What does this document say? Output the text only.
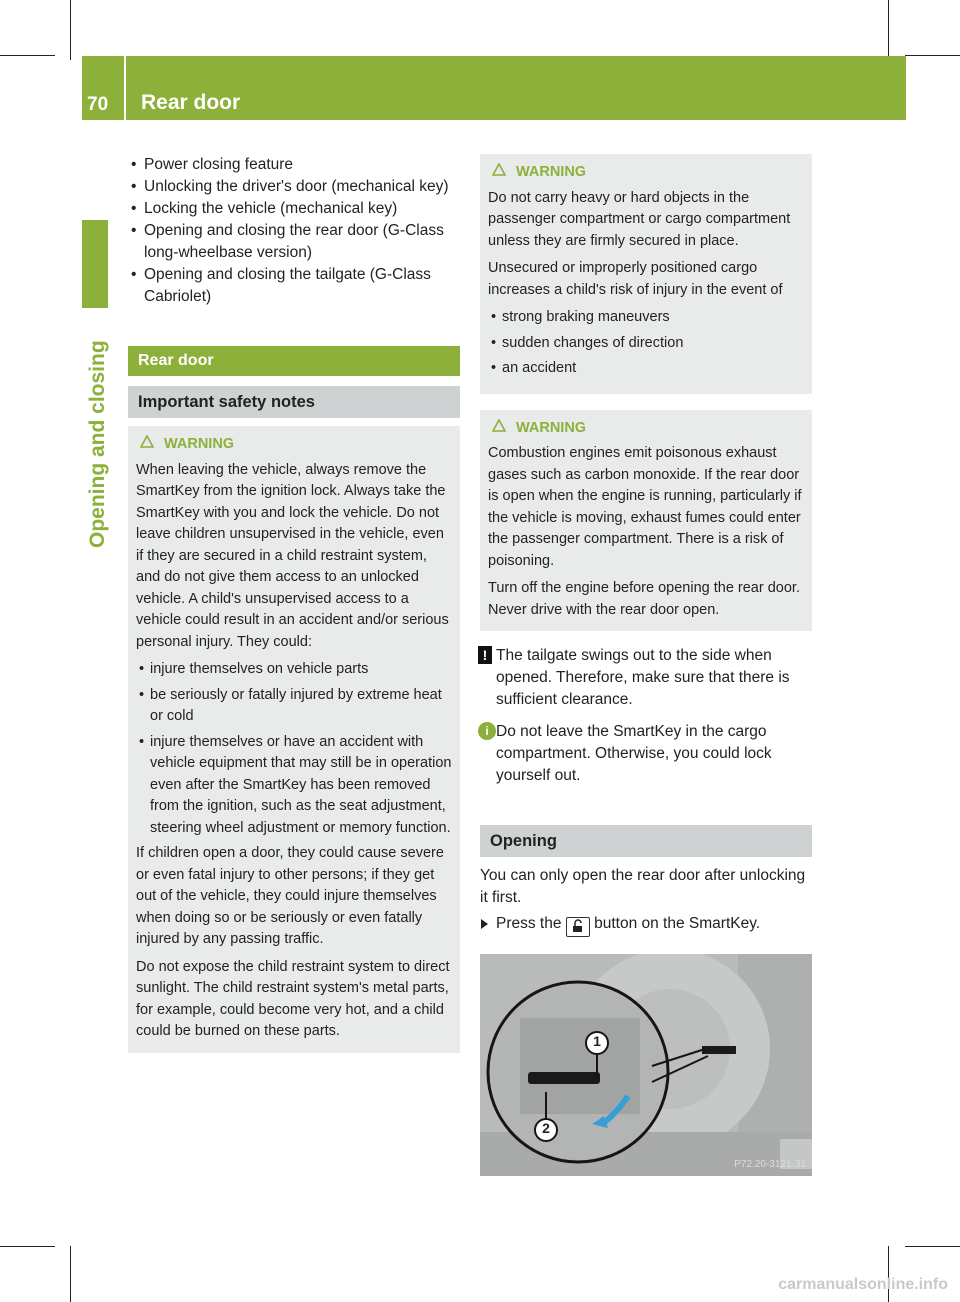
70 Rear door
Opening and closing
• Power closing feature
• Unlocking the driver's door (mechanical key)
• Locking the vehicle (mechanical key)
• Opening and closing the rear door (G-Class long-wheelbase version)
• Opening and closing the tailgate (G-Class Cabriolet)
Rear door
Important safety notes
WARNING

When leaving the vehicle, always remove the SmartKey from the ignition lock. Always take the SmartKey with you and lock the vehicle. Do not leave children unsupervised in the vehicle, even if they are secured in a child restraint system, and do not give them access to an unlocked vehicle. A child's unsupervised access to a vehicle could result in an accident and/or serious personal injury. They could:

• injure themselves on vehicle parts
• be seriously or fatally injured by extreme heat or cold
• injure themselves or have an accident with vehicle equipment that may still be in operation even after the SmartKey has been removed from the ignition, such as the seat adjustment, steering wheel adjustment or memory function.

If children open a door, they could cause severe or even fatal injury to other persons; if they get out of the vehicle, they could injure themselves when doing so or be seriously or even fatally injured by any passing traffic.

Do not expose the child restraint system to direct sunlight. The child restraint system's metal parts, for example, could become very hot, and a child could be burned on these parts.

WARNING

Do not carry heavy or hard objects in the passenger compartment or cargo compartment unless they are firmly secured in place.

Unsecured or improperly positioned cargo increases a child's risk of injury in the event of

• strong braking maneuvers
• sudden changes of direction
• an accident
WARNING

Combustion engines emit poisonous exhaust gases such as carbon monoxide. If the rear door is open when the engine is running, particularly if the vehicle is moving, exhaust fumes could enter the passenger compartment. There is a risk of poisoning.

Turn off the engine before opening the rear door. Never drive with the rear door open.

! The tailgate swings out to the side when opened. Therefore, make sure that there is sufficient clearance.
i Do not leave the SmartKey in the cargo compartment. Otherwise, you could lock yourself out.
Opening
You can only open the rear door after unlocking it first.
Press the button on the SmartKey.
1
2
P72.20-3121-31
carmanualsonline.info
